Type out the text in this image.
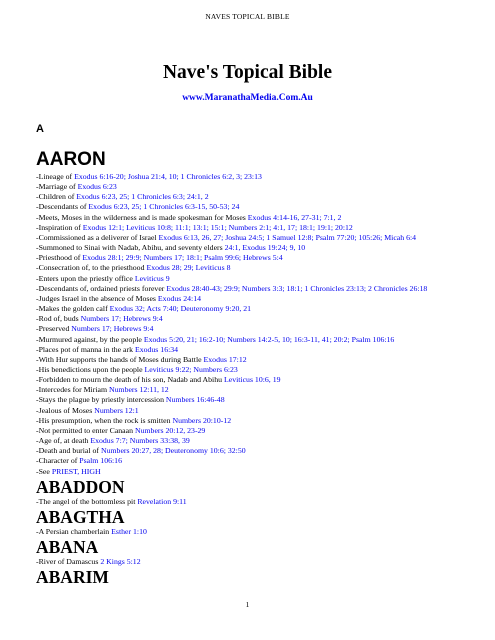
NAVES TOPICAL BIBLE
Nave's Topical Bible
www.MaranathaMedia.Com.Au
A
AARON
-Lineage of Exodus 6:16-20; Joshua 21:4, 10; 1 Chronicles 6:2, 3; 23:13
-Marriage of Exodus 6:23
-Children of Exodus 6:23, 25; 1 Chronicles 6:3; 24:1, 2
-Descendants of Exodus 6:23, 25; 1 Chronicles 6:3-15, 50-53; 24
-Meets, Moses in the wilderness and is made spokesman for Moses Exodus 4:14-16, 27-31; 7:1, 2
-Inspiration of Exodus 12:1; Leviticus 10:8; 11:1; 13:1; 15:1; Numbers 2:1; 4:1, 17; 18:1; 19:1; 20:12
-Commissioned as a deliverer of Israel Exodus 6:13, 26, 27; Joshua 24:5; 1 Samuel 12:8; Psalm 77:20; 105:26; Micah 6:4
-Summoned to Sinai with Nadab, Abihu, and seventy elders 24:1, Exodus 19:24; 9, 10
-Priesthood of Exodus 28:1; 29:9; Numbers 17; 18:1; Psalm 99:6; Hebrews 5:4
-Consecration of, to the priesthood Exodus 28; 29; Leviticus 8
-Enters upon the priestly office Leviticus 9
-Descendants of, ordained priests forever Exodus 28:40-43; 29:9; Numbers 3:3; 18:1; 1 Chronicles 23:13; 2 Chronicles 26:18
-Judges Israel in the absence of Moses Exodus 24:14
-Makes the golden calf Exodus 32; Acts 7:40; Deuteronomy 9:20, 21
-Rod of, buds Numbers 17; Hebrews 9:4
-Preserved Numbers 17; Hebrews 9:4
-Murmured against, by the people Exodus 5:20, 21; 16:2-10; Numbers 14:2-5, 10; 16:3-11, 41; 20:2; Psalm 106:16
-Places pot of manna in the ark Exodus 16:34
-With Hur supports the hands of Moses during Battle Exodus 17:12
-His benedictions upon the people Leviticus 9:22; Numbers 6:23
-Forbidden to mourn the death of his son, Nadab and Abihu Leviticus 10:6, 19
-Intercedes for Miriam Numbers 12:11, 12
-Stays the plague by priestly intercession Numbers 16:46-48
-Jealous of Moses Numbers 12:1
-His presumption, when the rock is smitten Numbers 20:10-12
-Not permitted to enter Canaan Numbers 20:12, 23-29
-Age of, at death Exodus 7:7; Numbers 33:38, 39
-Death and burial of Numbers 20:27, 28; Deuteronomy 10:6; 32:50
-Character of Psalm 106:16
-See PRIEST, HIGH
ABADDON
-The angel of the bottomless pit Revelation 9:11
ABAGTHA
-A Persian chamberlain Esther 1:10
ABANA
-River of Damascus 2 Kings 5:12
ABARIM
1
